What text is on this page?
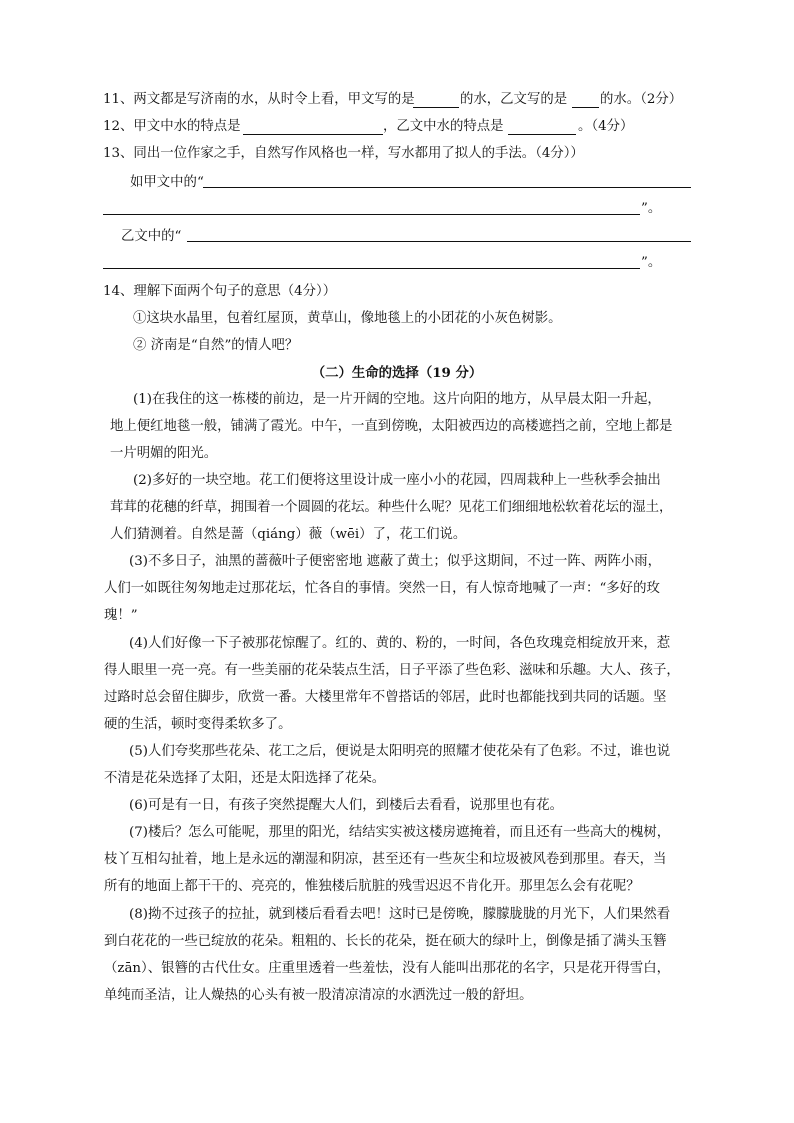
11、两文都是写济南的水，从时令上看，甲文写的是	的水，乙文写的是 的水。（2分）
12、甲文中水的特点是	，乙文中水的特点是	。（4分）
13、同出一位作家之手，自然写作风格也一样，写水都用了拟人的手法。（4分））
如甲文中的“
”。
乙文中的“
”。
14、理解下面两个句子的意思（4分））
①这块水晶里，包着红屋顶，黄草山，像地毯上的小团花的小灰色树影。
② 济南是“自然”的情人吧？
（二）生命的选择（19 分）
(1)在我住的这一栋楼的前边，是一片开阔的空地。这片向阳的地方，从早晨太阳一升起，
地上便红地毯一般，铺满了霞光。中午，一直到傍晚，太阳被西边的高楼遮挡之前，空地上都是
一片明媚的阳光。
(2)多好的一块空地。花工们便将这里设计成一座小小的花园，四周栽种上一些秋季会抽出
茸茸的花穗的纤草，拥围着一个圆圆的花坛。种些什么呢？见花工们细细地松软着花坛的湿土，
人们猜测着。自然是蔷（qiáng）薇（wēi）了，花工们说。
(3)不多日子，油黑的蔷薇叶子便密密地 遮蔽了黄土；似乎这期间，不过一阵、两阵小雨，
人们一如既往匆匆地走过那花坛，忙各自的事情。突然一日，有人惊奇地喊了一声：“多好的玫
瑰！”
(4)人们好像一下子被那花惊醒了。红的、黄的、粉的，一时间，各色玫瑰竞相绽放开来，惹
得人眼里一亮一亮。有一些美丽的花朵装点生活，日子平添了些色彩、滋味和乐趣。大人、孩子，
过路时总会留住脚步，欣赏一番。大楼里常年不曾搭话的邻居，此时也都能找到共同的话题。坚
硬的生活，顿时变得柔软多了。
(5)人们夸奖那些花朵、花工之后，便说是太阳明亮的照耀才使花朵有了色彩。不过，谁也说
不清是花朵选择了太阳，还是太阳选择了花朵。
(6)可是有一日，有孩子突然提醒大人们，到楼后去看看，说那里也有花。
(7)楼后？怎么可能呢，那里的阳光，结结实实被这楼房遮掩着，而且还有一些高大的槐树，
枝丫互相勾扯着，地上是永远的潮湿和阴凉，甚至还有一些灰尘和垃圾被风卷到那里。春天，当
所有的地面上都干干的、亮亮的，惟独楼后肮脏的残雪迟迟不肯化开。那里怎么会有花呢？
(8)拗不过孩子的拉扯，就到楼后看看去吧！这时已是傍晚，朦朦胧胧的月光下，人们果然看
到白花花的一些已绽放的花朵。粗粗的、长长的花朵，挺在硕大的绿叶上，倒像是插了满头玉簪
（zān）、银簪的古代仕女。庄重里透着一些羞怯，没有人能叫出那花的名字，只是花开得雪白，
单纯而圣洁，让人燥热的心头有被一股清凉清凉的水洒洗过一般的舒坦。
